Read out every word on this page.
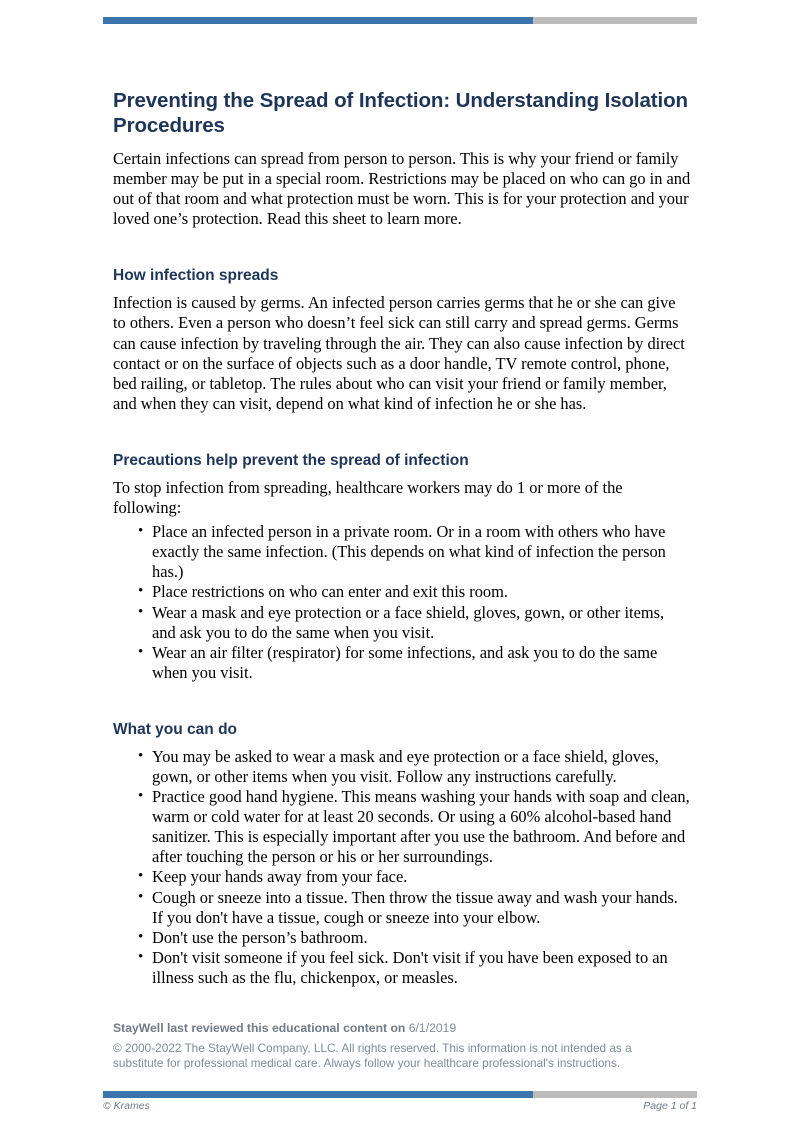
Preventing the Spread of Infection: Understanding Isolation Procedures

Certain infections can spread from person to person. This is why your friend or family member may be put in a special room. Restrictions may be placed on who can go in and out of that room and what protection must be worn. This is for your protection and your loved one’s protection. Read this sheet to learn more.

How infection spreads

Infection is caused by germs. An infected person carries germs that he or she can give to others. Even a person who doesn’t feel sick can still carry and spread germs. Germs can cause infection by traveling through the air. They can also cause infection by direct contact or on the surface of objects such as a door handle, TV remote control, phone, bed railing, or tabletop. The rules about who can visit your friend or family member, and when they can visit, depend on what kind of infection he or she has.

Precautions help prevent the spread of infection

To stop infection from spreading, healthcare workers may do 1 or more of the following:

• Place an infected person in a private room. Or in a room with others who have exactly the same infection. (This depends on what kind of infection the person has.)
• Place restrictions on who can enter and exit this room.
• Wear a mask and eye protection or a face shield, gloves, gown, or other items, and ask you to do the same when you visit.
• Wear an air filter (respirator) for some infections, and ask you to do the same when you visit.
What you can do
• You may be asked to wear a mask and eye protection or a face shield, gloves, gown, or other items when you visit. Follow any instructions carefully.
• Practice good hand hygiene. This means washing your hands with soap and clean, warm or cold water for at least 20 seconds. Or using a 60% alcohol-based hand sanitizer. This is especially important after you use the bathroom. And before and after touching the person or his or her surroundings.
• Keep your hands away from your face.
• Cough or sneeze into a tissue. Then throw the tissue away and wash your hands. If you don't have a tissue, cough or sneeze into your elbow.
• Don't use the person’s bathroom.
• Don't visit someone if you feel sick. Don't visit if you have been exposed to an illness such as the flu, chickenpox, or measles.

StayWell last reviewed this educational content on 6/1/2019

© 2000-2022 The StayWell Company, LLC. All rights reserved. This information is not intended as a substitute for professional medical care. Always follow your healthcare professional's instructions.

© Krames	Page 1 of 1
